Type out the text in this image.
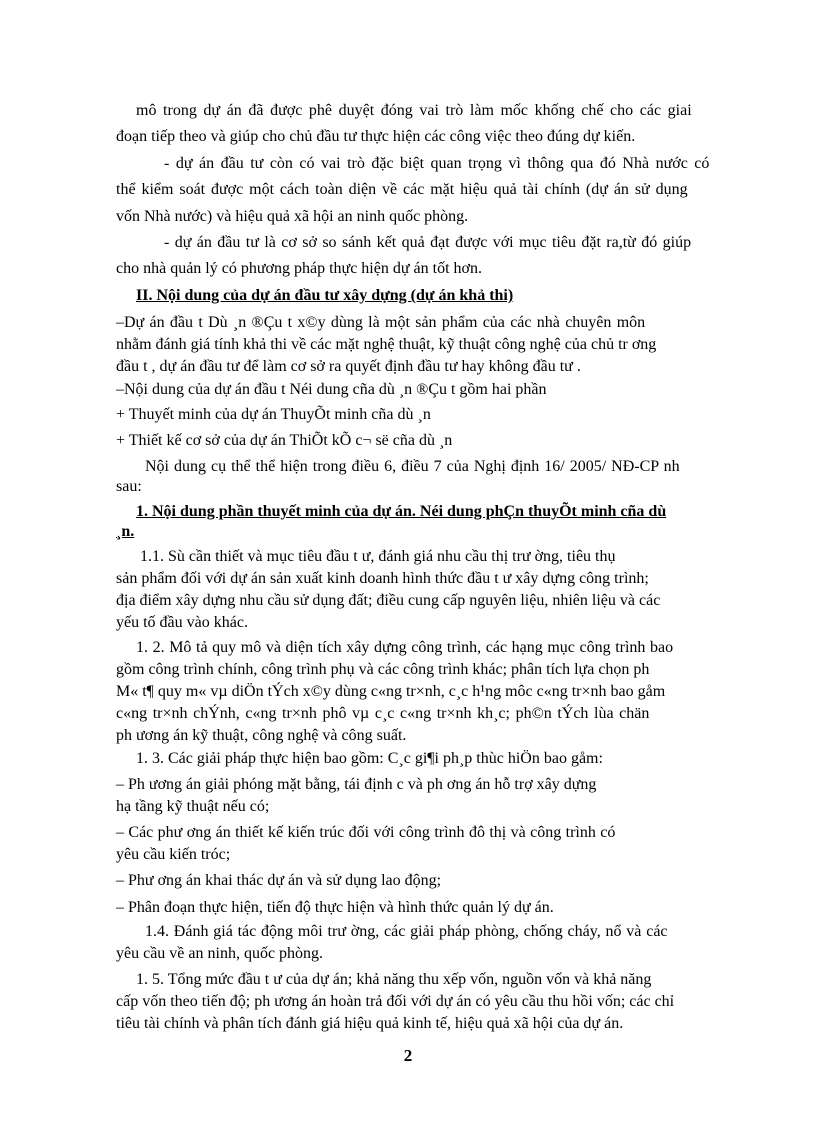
mô trong dự án đã được phê duyệt đóng vai trò làm mốc khống chế cho các giai
đoạn tiếp theo và giúp cho chủ đầu tư thực hiện các công việc theo đúng dự kiến.
- dự án đầu tư còn có vai trò đặc biệt quan trọng vì thông qua đó Nhà nước có
thể kiểm soát được một cách toàn diện về các mặt hiệu quả tài chính (dự án sử dụng
vốn Nhà nước) và hiệu quả xã hội an ninh quốc phòng.
- dự án đầu tư là cơ sở so sánh kết quả đạt được với mục tiêu đặt ra,từ đó giúp
cho nhà quản lý có phương pháp thực hiện dự án tốt hơn.
II. Nội dung của dự án đầu tư xây dựng (dự án khả thi)
–Dự án đầu t Dù ¸n ®Çu t x©y dùng là một sản phẩm của các nhà chuyên môn
nhằm đánh giá tính khả thi về các mặt nghệ thuật, kỹ thuật công nghệ của chủ tr ơng
đầu t , dự án đầu tư để làm cơ sở ra quyết định đầu tư hay không đầu tư .
–Nội dung của dự án đầu t Néi dung cña dù ¸n ®Çu t gồm hai phần
+ Thuyết minh của dự án ThuyÕt minh cña dù ¸n
+ Thiết kế cơ sở của dự án ThiÕt kÕ c¬ së cña dù ¸n
Nội dung cụ thể thể hiện trong điều 6, điều 7 của Nghị định 16/ 2005/ NĐ-CP nh
sau:
1. Nội dung phần thuyết minh của dự án. Néi dung phÇn thuyÕt minh cña dù
¸n.
1.1. Sù cần thiết và mục tiêu đầu t ư, đánh giá nhu cầu thị trư ờng, tiêu thụ
sản phẩm đối với dự án sản xuất kinh doanh hình thức đầu t ư xây dựng công trình;
địa điểm xây dựng nhu cầu sử dụng đất; điều cung cấp nguyên liệu, nhiên liệu và các
yếu tố đầu vào khác.
1. 2. Mô tả quy mô và diện tích xây dựng công trình, các hạng mục công trình bao
gồm công trình chính, công trình phụ và các công trình khác; phân tích lựa chọn ph
M« t¶ quy m« vµ diÖn tÝch x©y dùng c«ng tr×nh, c¸c h¹ng môc c«ng tr×nh bao gåm
c«ng tr×nh chÝnh, c«ng tr×nh phô vµ c¸c c«ng tr×nh kh¸c; ph©n tÝch lùa chän
ph ương án kỹ thuật, công nghệ và công suất.
1. 3. Các giải pháp thực hiện bao gồm: C¸c gi¶i ph¸p thùc hiÖn bao gåm:
– Ph ương án giải phóng mặt bằng, tái định c và ph ơng án hỗ trợ xây dựng
hạ tầng kỹ thuật nếu có;
– Các phư ơng án thiết kế kiến trúc đối với công trình đô thị và công trình có
yêu cầu kiến tróc;
– Phư ơng án khai thác dự án và sử dụng lao động;
– Phân đoạn thực hiện, tiến độ thực hiện và hình thức quản lý dự án.
1.4. Đánh giá tác động môi trư ờng, các giải pháp phòng, chống cháy, nổ và các
yêu cầu về an ninh, quốc phòng.
1. 5. Tổng mức đầu t ư của dự án; khả năng thu xếp vốn, nguồn vốn và khả năng
cấp vốn theo tiến độ; ph ương án hoàn trả đối với dự án có yêu cầu thu hồi vốn; các chỉ
tiêu tài chính và phân tích đánh giá hiệu quả kinh tế, hiệu quả xã hội của dự án.
2
